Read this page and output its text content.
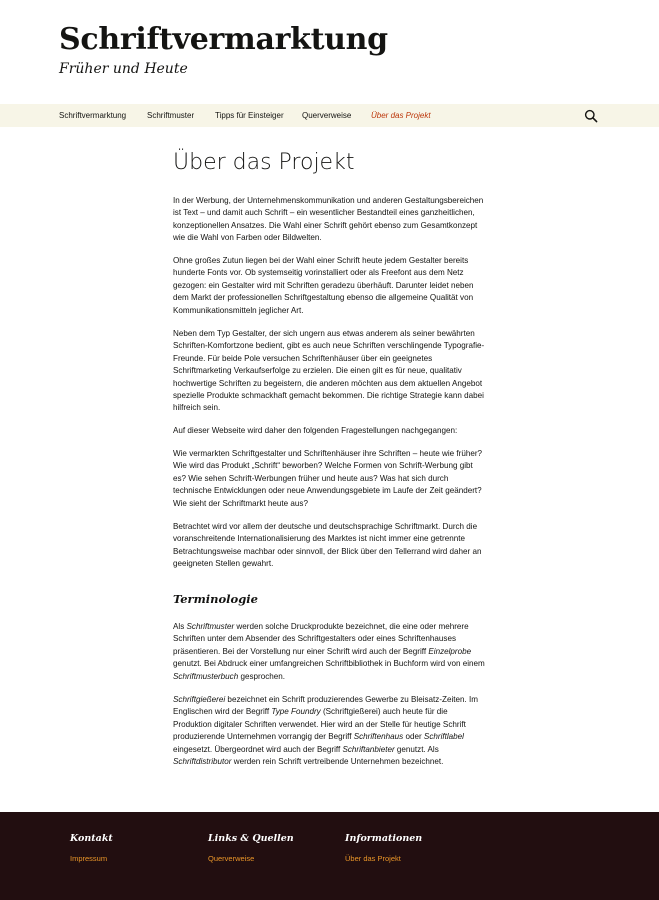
Schriftvermarktung
Früher und Heute
Schriftvermarktung	Schriftmuster	Tipps für Einsteiger Querverweise Über das Projekt
Über das Projekt

In der Werbung, der Unternehmenskommunikation und anderen Gestaltungsbereichen ist Text – und damit auch Schrift – ein wesentlicher Bestandteil eines ganzheitlichen, konzeptionellen Ansatzes. Die Wahl einer Schrift gehört ebenso zum Gesamtkonzept wie die Wahl von Farben oder Bildwelten.

Ohne großes Zutun liegen bei der Wahl einer Schrift heute jedem Gestalter bereits hunderte Fonts vor. Ob systemseitig vorinstalliert oder als Freefont aus dem Netz gezogen: ein Gestalter wird mit Schriften geradezu überhäuft. Darunter leidet neben dem Markt der professionellen Schriftgestaltung ebenso die allgemeine Qualität von Kommunikationsmitteln jeglicher Art.

Neben dem Typ Gestalter, der sich ungern aus etwas anderem als seiner bewährten Schriften-Komfortzone bedient, gibt es auch neue Schriften verschlingende Typografie-Freunde. Für beide Pole versuchen Schriftenhäuser über ein geeignetes Schriftmarketing Verkaufserfolge zu erzielen. Die einen gilt es für neue, qualitativ hochwertige Schriften zu begeistern, die anderen möchten aus dem aktuellen Angebot spezielle Produkte schmackhaft gemacht bekommen. Die richtige Strategie kann dabei hilfreich sein.

Auf dieser Webseite wird daher den folgenden Fragestellungen nachgegangen:

Wie vermarkten Schriftgestalter und Schriftenhäuser ihre Schriften – heute wie früher? Wie wird das Produkt „Schrift“ beworben? Welche Formen von Schrift-Werbung gibt es? Wie sehen Schrift-Werbungen früher und heute aus? Was hat sich durch technische Entwicklungen oder neue Anwendungsgebiete im Laufe der Zeit geändert? Wie sieht der Schriftmarkt heute aus?

Betrachtet wird vor allem der deutsche und deutschsprachige Schriftmarkt. Durch die voranschreitende Internationalisierung des Marktes ist nicht immer eine getrennte Betrachtungsweise machbar oder sinnvoll, der Blick über den Tellerrand wird daher an geeigneten Stellen gewahrt.

Terminologie

Als Schriftmuster werden solche Druckprodukte bezeichnet, die eine oder mehrere Schriften unter dem Absender des Schriftgestalters oder eines Schriftenhauses präsentieren. Bei der Vorstellung nur einer Schrift wird auch der Begriff Einzelprobe genutzt. Bei Abdruck einer umfangreichen Schriftbibliothek in Buchform wird von einem Schriftmusterbuch gesprochen.

Schriftgießerei bezeichnet ein Schrift produzierendes Gewerbe zu Bleisatz-Zeiten. Im Englischen wird der Begriff Type Foundry (Schriftgießerei) auch heute für die Produktion digitaler Schriften verwendet. Hier wird an der Stelle für heutige Schrift produzierende Unternehmen vorrangig der Begriff Schriftenhaus oder Schriftlabel eingesetzt. Übergeordnet wird auch der Begriff Schriftanbieter genutzt. Als Schriftdistributor werden rein Schrift vertreibende Unternehmen bezeichnet.

Kontakt
Impressum
Links & Quellen
Querverweise
Informationen
Über das Projekt
